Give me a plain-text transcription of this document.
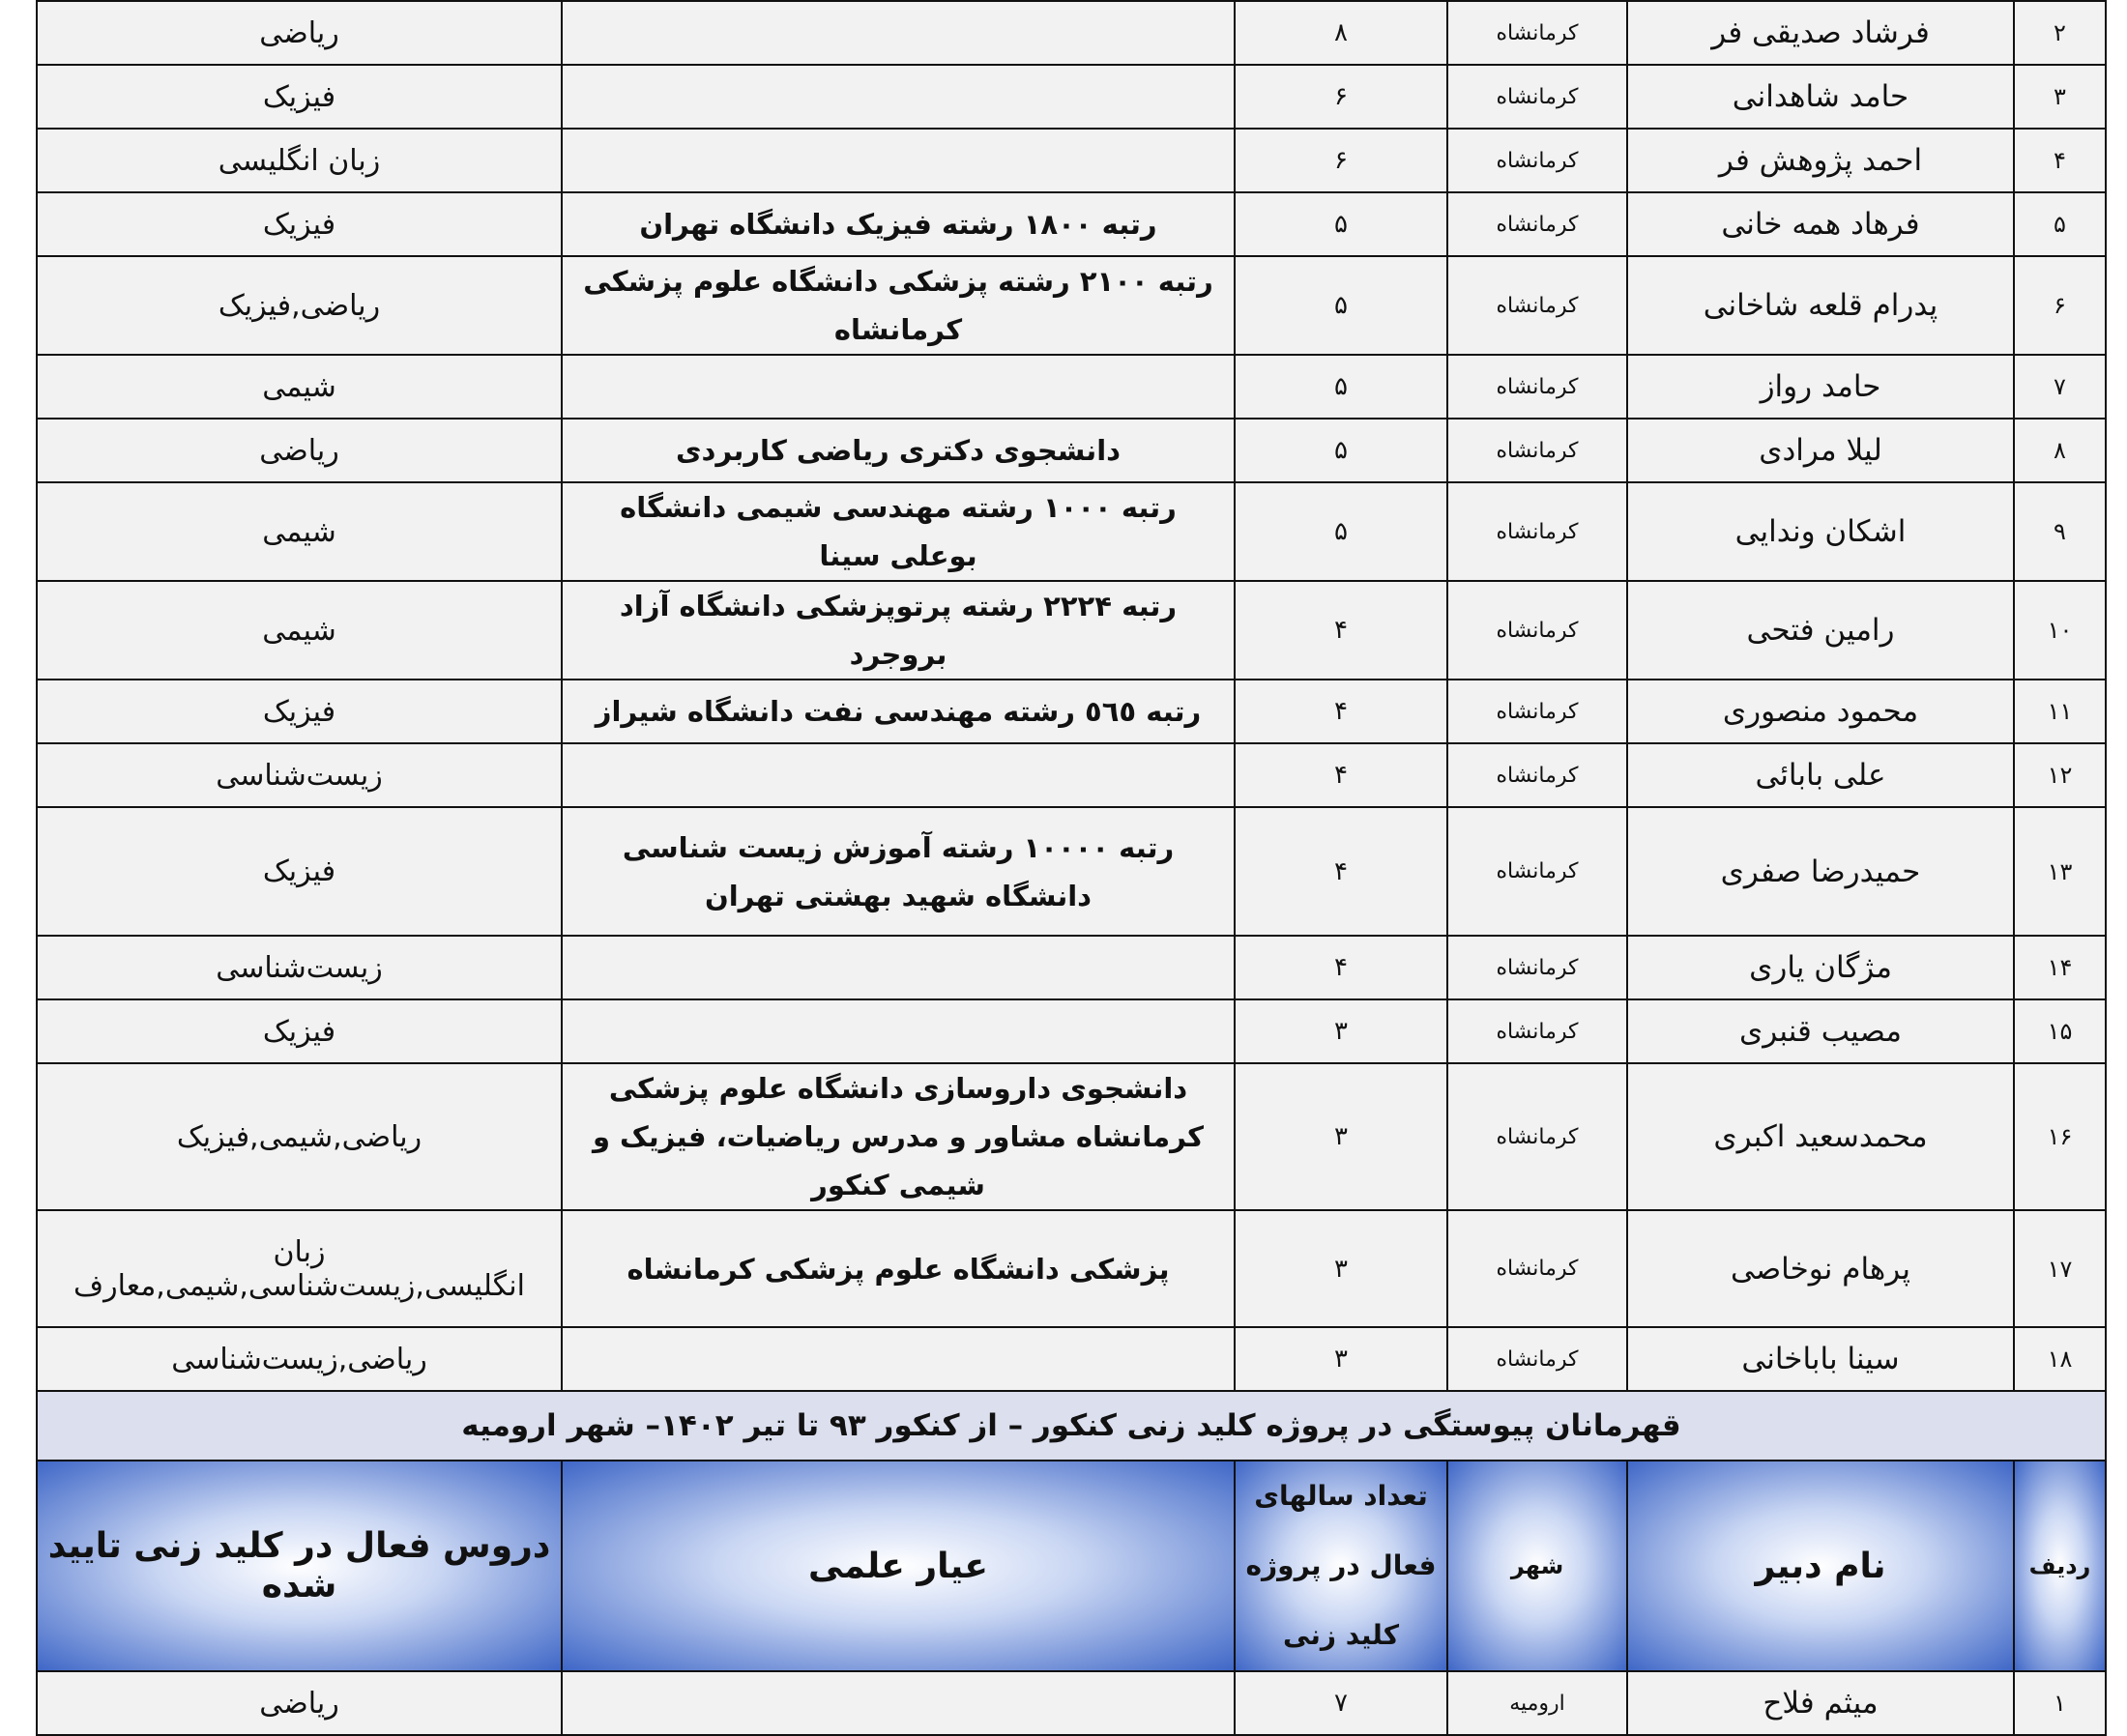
۲	فرشاد صدیقی فر	کرمانشاه	۸		ریاضی
۳	حامد شاهدانی	کرمانشاه	۶		فیزیک
۴	احمد پژوهش فر	کرمانشاه	۶		زبان انگلیسی
۵	فرهاد همه خانی	کرمانشاه	۵	رتبه ۱۸۰۰ رشته فیزیک دانشگاه تهران	فیزیک
۶	پدرام قلعه شاخانی	کرمانشاه	۵	رتبه ۲۱۰۰ رشته پزشکی دانشگاه علوم پزشکی کرمانشاه	ریاضی,فیزیک
۷	حامد رواز	کرمانشاه	۵		شیمی
۸	لیلا مرادی	کرمانشاه	۵	دانشجوی دکتری ریاضی کاربردی	ریاضی
۹	اشکان وندایی	کرمانشاه	۵	رتبه ۱۰۰۰ رشته مهندسی شیمی دانشگاه بوعلی سینا	شیمی
۱۰	رامین فتحی	کرمانشاه	۴	رتبه ۲۲۲۴ رشته پرتوپزشکی دانشگاه آزاد بروجرد	شیمی
۱۱	محمود منصوری	کرمانشاه	۴	رتبه ٥٦٥ رشته مهندسی نفت دانشگاه شیراز	فیزیک
۱۲	علی بابائی	کرمانشاه	۴		زیست‌شناسی
۱۳	حمیدرضا صفری	کرمانشاه	۴	رتبه ۱۰۰۰۰ رشته آموزش زیست شناسی دانشگاه شهید بهشتی تهران	فیزیک
۱۴	مژگان یاری	کرمانشاه	۴		زیست‌شناسی
۱۵	مصیب قنبری	کرمانشاه	۳		فیزیک
۱۶	محمدسعید اکبری	کرمانشاه	۳	دانشجوی داروسازی دانشگاه علوم پزشکی کرمانشاه مشاور و مدرس ریاضیات، فیزیک و شیمی کنکور	ریاضی,شیمی,فیزیک
۱۷	پرهام نوخاصی	کرمانشاه	۳	پزشکی دانشگاه علوم پزشکی کرمانشاه	زبان انگلیسی,زیست‌شناسی,شیمی,معارف
۱۸	سینا باباخانی	کرمانشاه	۳		ریاضی,زیست‌شناسی
قهرمانان پیوستگی در پروژه کلید زنی کنکور – از کنکور ۹۳ تا تیر ۱۴۰۲– شهر ارومیه					
ردیف	نام دبیر	شهر	تعداد سالهای فعال در پروژه کلید زنی	عیار علمی	دروس فعال در کلید زنی تایید شده
۱	میثم فلاح	ارومیه	۷		ریاضی
